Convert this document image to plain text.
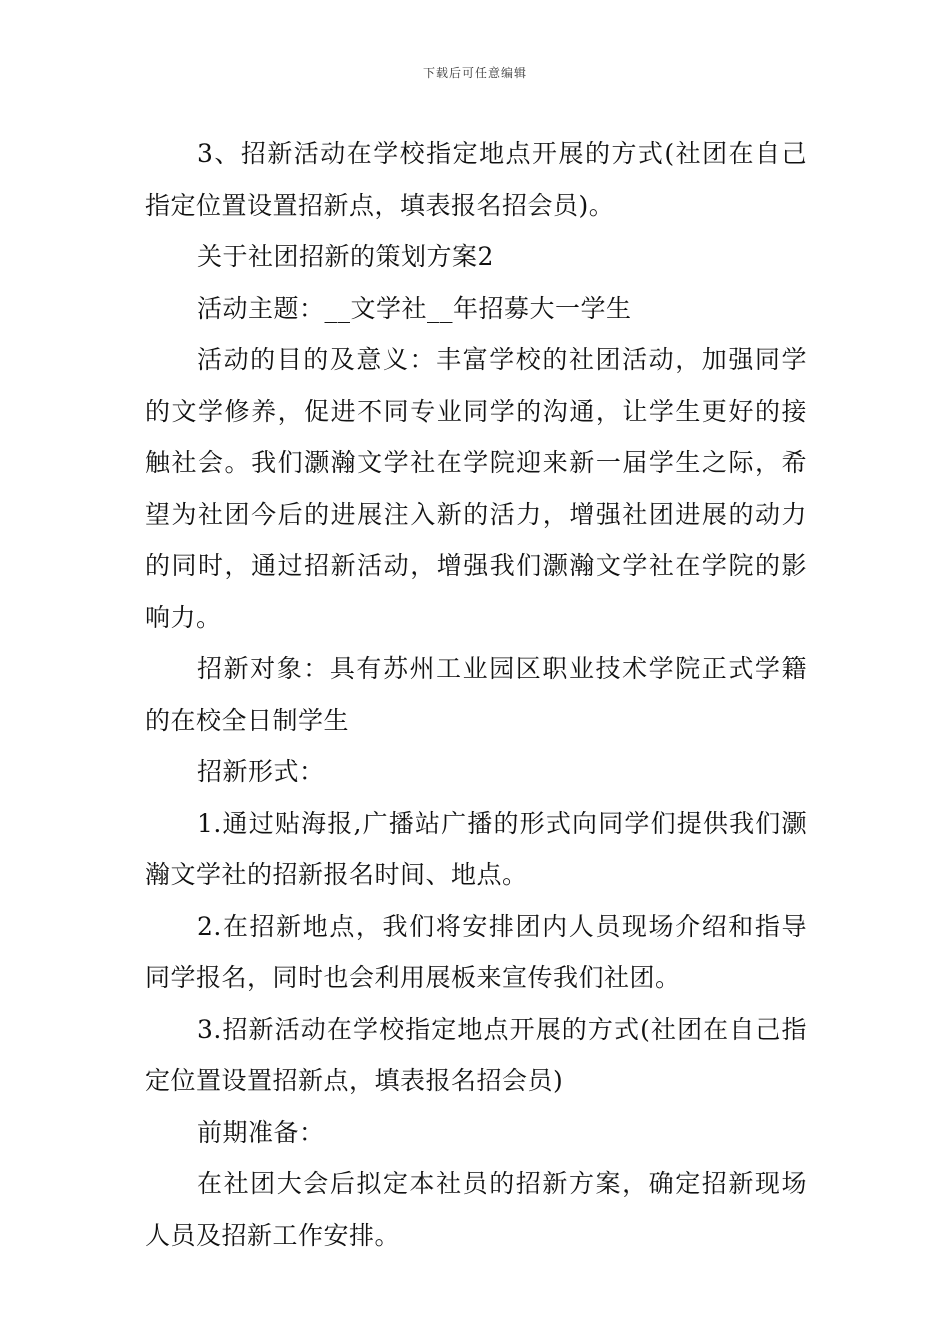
下载后可任意编辑

3、招新活动在学校指定地点开展的方式(社团在自己指定位置设置招新点，填表报名招会员)。

关于社团招新的策划方案2

活动主题：__文学社__年招募大一学生

活动的目的及意义：丰富学校的社团活动，加强同学的文学修养，促进不同专业同学的沟通，让学生更好的接触社会。我们灏瀚文学社在学院迎来新一届学生之际，希望为社团今后的进展注入新的活力，增强社团进展的动力的同时，通过招新活动，增强我们灏瀚文学社在学院的影响力。

招新对象：具有苏州工业园区职业技术学院正式学籍的在校全日制学生

招新形式：

1.通过贴海报,广播站广播的形式向同学们提供我们灏瀚文学社的招新报名时间、地点。

2.在招新地点，我们将安排团内人员现场介绍和指导同学报名，同时也会利用展板来宣传我们社团。

3.招新活动在学校指定地点开展的方式(社团在自己指定位置设置招新点，填表报名招会员)

前期准备：

在社团大会后拟定本社员的招新方案，确定招新现场人员及招新工作安排。
